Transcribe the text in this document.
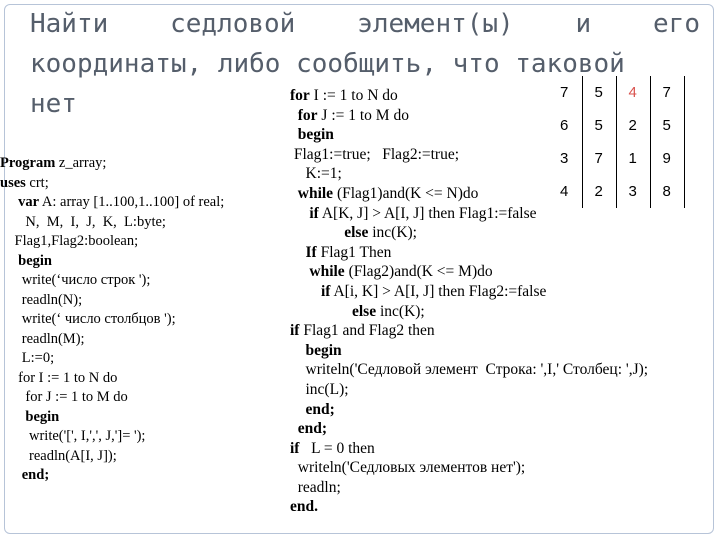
Найти седловой элемент(ы) и его
координаты, либо сообщить, что таковой
нет	7	5	4	7
6	5	2	5
3	7	1	9
4	2	3	8
Program z_array;
uses crt;
var A: array [1..100,1..100] of real;
N,  M,  I,  J,  K,  L:byte;
Flag1,Flag2:boolean;
begin
write(‘число строк ');
readln(N);
write(‘ число столбцов ');
readln(M);
L:=0;
for I := 1 to N do
for J := 1 to M do
begin
write('[', I,',', J,']= ');
readln(A[I, J]);
end;
for I := 1 to N do
for J := 1 to M do
begin
Flag1:=true;   Flag2:=true;
K:=1;
while (Flag1)and(K <= N)do
if A[K, J] > A[I, J] then Flag1:=false
else inc(K);
If Flag1 Then
while (Flag2)and(K <= M)do
if A[i, K] > A[I, J] then Flag2:=false
else inc(K);
if Flag1 and Flag2 then
begin
writeln('Седловой элемент  Строка: ',I,' Столбец: ',J);
inc(L);
end;
end;
if   L = 0 then
writeln('Седловых элементов нет');
readln;
end.
